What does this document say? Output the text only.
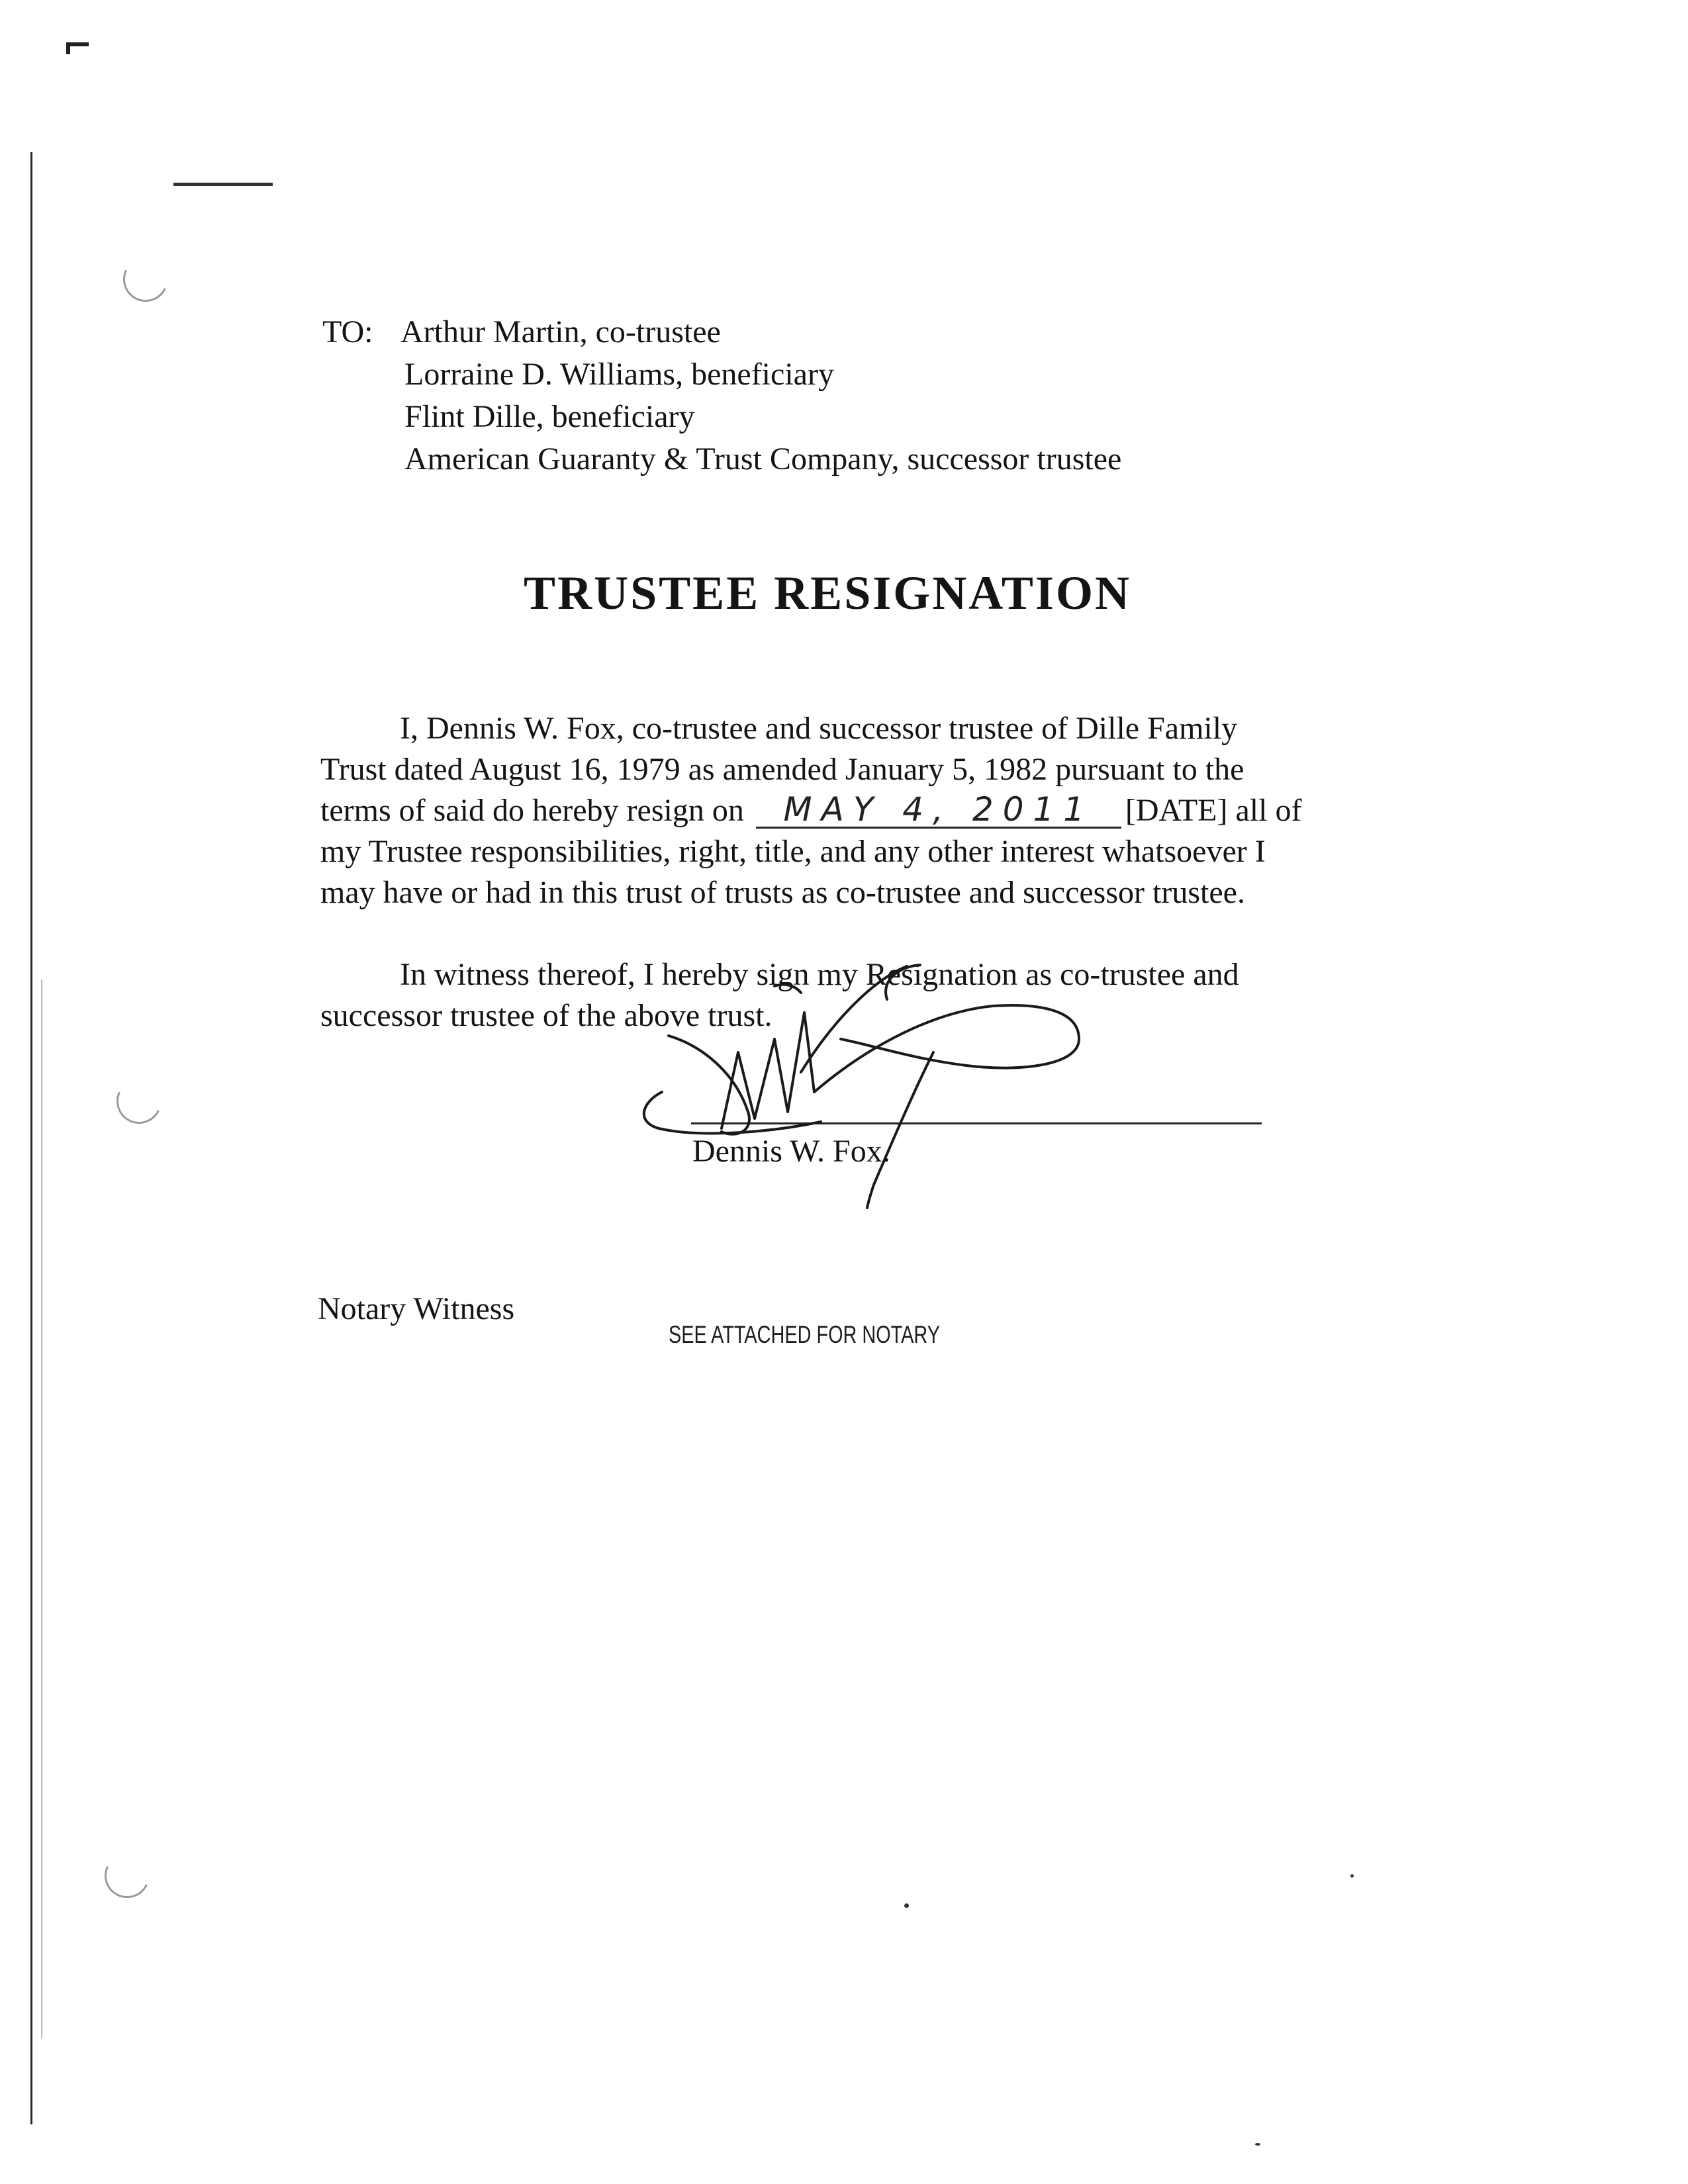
TO: Arthur Martin, co-trustee
Lorraine D. Williams, beneficiary
Flint Dille, beneficiary
American Guaranty & Trust Company, successor trustee
TRUSTEE RESIGNATION
I, Dennis W. Fox, co-trustee and successor trustee of Dille Family
Trust dated August 16, 1979 as amended January 5, 1982 pursuant to the
terms of said do hereby resign on MAY 4, 2011 [DATE] all of
my Trustee responsibilities, right, title, and any other interest whatsoever I
may have or had in this trust of trusts as co-trustee and successor trustee.
In witness thereof, I hereby sign my Resignation as co-trustee and
successor trustee of the above trust.
Dennis W. Fox.
Notary Witness
SEE ATTACHED FOR NOTARY
